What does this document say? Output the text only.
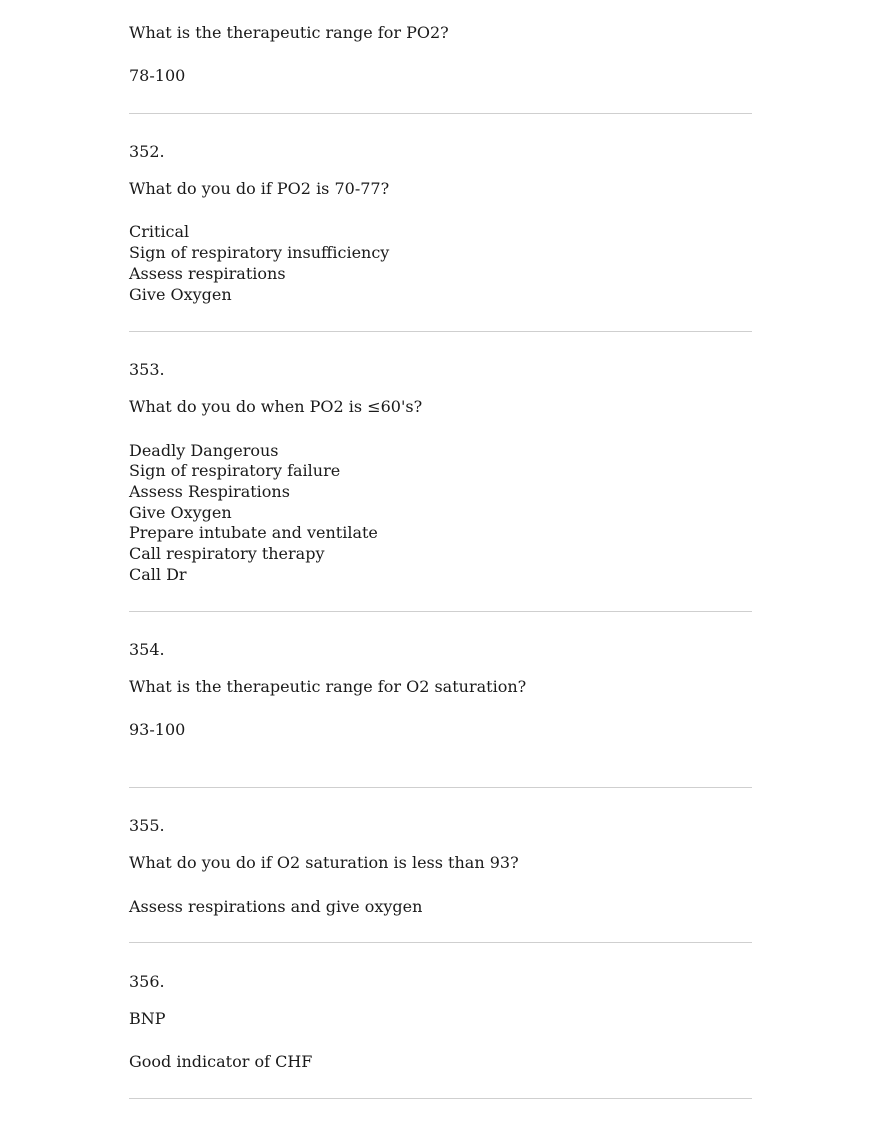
What is the therapeutic range for PO2?
78-100
352.
What do you do if PO2 is 70-77?
Critical
Sign of respiratory insufficiency
Assess respirations
Give Oxygen
353.
What do you do when PO2 is ≤60's?
Deadly Dangerous
Sign of respiratory failure
Assess Respirations
Give Oxygen
Prepare intubate and ventilate
Call respiratory therapy
Call Dr
354.
What is the therapeutic range for O2 saturation?
93-100
355.
What do you do if O2 saturation is less than 93?
Assess respirations and give oxygen
356.
BNP
Good indicator of CHF
